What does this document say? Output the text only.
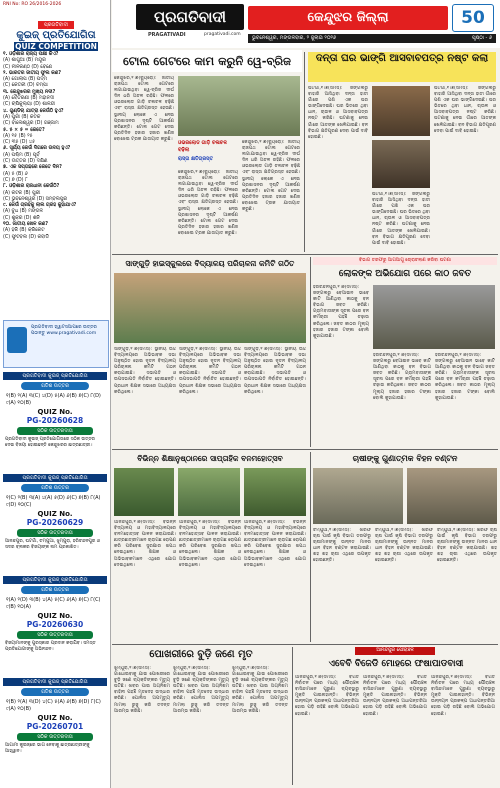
RNI No: RO 26/2016-2026
ପ୍ରଗତିବାଦୀ
କୁଇଜ୍ ପ୍ରତିଯୋଗିତା
QUIZ COMPETITION
୧. ଓଡ଼ିଶାର ରାଜ୍ୟ ପକ୍ଷୀ କିଏ?
(A) ଶାଗୁଆ (B) ମୟୂର
(C) ନୀଳକଣ୍ଠ (D) ବେଣେ
୨. ଭାରତର ଜାତୀୟ ଫୁଲ କଣ?
(A) ଗୋଲାପ (B) ପଦ୍ମ
(C) କେତକୀ (D) ଚମ୍ପା
୩. କେନ୍ଦୁଝରର ମୁଖ୍ୟ ନଦୀ?
(A) ବୈତରଣୀ (B) ମହାନଦୀ
(C) ଋଷିକୁଲ୍ୟା (D) ଶାଳନ୍ଦୀ
୪. ଗୁଣ୍ଡିଚା ଯାତ୍ରା କେଉଁଠି ହୁଏ?
(A) ପୁରୀ (B) କଟକ
(C) ବାଲେଶ୍ୱର (D) ଗଞ୍ଜାମ
୫. ୫ × ୫ = କେତେ?
(A) ୧୫ (B) ୨୫
(C) ୩୫ (D) ୪୫
୬. ସୂର୍ଯ୍ୟ କେଉଁ ଦିଗରେ ଉଦୟ ହୁଏ?
(A) ପଶ୍ଚିମ (B) ପୂର୍ବ
(C) ଉତ୍ତର (D) ଦକ୍ଷିଣ
୭. ଏକ ସପ୍ତାହରେ କେତେ ଦିନ?
(A) ୫ (B) ୬
(C) ୭ (D) ୮
୮. ଓଡ଼ିଶାର ରାଜଧାନୀ କେଉଁଠି?
(A) କଟକ (B) ପୁରୀ
(C) ଭୁବନେଶ୍ୱର (D) ସମ୍ବଲପୁର
୯. କେଉଁ ଗ୍ରହକୁ ଲାଲ ଗ୍ରହ କୁହାଯାଏ?
(A) ବୁଧ (B) ମଙ୍ଗଳ
(C) ଶୁକ୍ର (D) ଶନି
୧୦. ଜାତୀୟ ଖେଳ କଣ?
(A) ହକି (B) କ୍ରିକେଟ
(C) ଫୁଟବଲ (D) କବାଡି
ପ୍ରଗତିବାଦୀ ହ୍ୱାଟସଆପରେ ଉତ୍ତର ପଠାନ୍ତୁ www.pragativadi.com
ପ୍ରଗତିବାଦୀ କୁଇଜ୍ ପ୍ରତିଯୋଗିତା
ଗତିଶ ଉତ୍ତର
୧(B) ୨(A) ୩(C) ୪(D) ୫(A) ୬(B) ୭(C) ୮(D) ୯(A) ୧୦(B)
QUIZ No.
PG-20260628
ସଠିକ ଉତ୍ତରଦାତା
ପ୍ରଗତିବାଦୀ କୁଇଜ୍ ପ୍ରତିଯୋଗିତାରେ ସଠିକ ଉତ୍ତର ଦେଇ ବିଜୟୀ ହୋଇଛନ୍ତି କେନ୍ଦୁଝରର ଛାତ୍ରଛାତ୍ରୀ।
ପ୍ରଗତିବାଦୀ କୁଇଜ୍ ପ୍ରତିଯୋଗିତା
ଗତିଶ ଉତ୍ତର
୧(C) ୨(B) ୩(A) ୪(A) ୫(D) ୬(C) ୭(B) ୮(A) ୯(D) ୧୦(C)
QUIZ No.
PG-20260629
ସଠିକ ଉତ୍ତରଦାତା
ଆନନ୍ଦପୁର, ଘଟଗାଁ, ଚମ୍ପୁଆ, ଝୁମ୍ପୁରା, ହରିଚନ୍ଦନପୁର ଓ ସଦର ବ୍ଲକର ବିଜୟୀଙ୍କ ନାମ ପ୍ରକାଶିତ।
ପ୍ରଗତିବାଦୀ କୁଇଜ୍ ପ୍ରତିଯୋଗିତା
ଗତିଶ ଉତ୍ତର
୧(A) ୨(D) ୩(B) ୪(A) ୫(C) ୬(A) ୭(C) ୮(C) ୯(B) ୧୦(A)
QUIZ No.
PG-20260630
ସଠିକ ଉତ୍ତରଦାତା
ବିଜୟୀମାନଙ୍କୁ ପୁରସ୍କାର ପ୍ରଦାନ କରାଯିବ। ସମସ୍ତ ପ୍ରତିଯୋଗୀଙ୍କୁ ଅଭିନନ୍ଦନ।
ପ୍ରଗତିବାଦୀ କୁଇଜ୍ ପ୍ରତିଯୋଗିତା
ଗତିଶ ଉତ୍ତର
୧(B) ୨(A) ୩(D) ୪(C) ୫(A) ୬(B) ୭(D) ୮(C) ୯(A) ୧୦(B)
QUIZ No.
PG-20260701
ସଠିକ ଉତ୍ତରଦାତା
ଆଗାମୀ କୁଇଜ୍‌ରେ ଭାଗ ନେବାକୁ ଛାତ୍ରଛାତ୍ରୀଙ୍କୁ ଆହ୍ୱାନ।
ପ୍ରଗତିବାଦୀ
PRAGATIVADI	pragativadi.com
କେନ୍ଦୁଝର ଜିଲ୍ଲା	50
ଭୁବନେଶ୍ୱର, ମଙ୍ଗଳବାର, ୨ ଜୁଲାଇ ୨୦୨୬	ପୃଷ୍ଠା - ୬
ଟୋଲ ଗେଟରେ କାମ କରୁନି ୱେ-ବ୍ରିଜ
କେନ୍ଦୁଝର,୧।୭(ବ୍ୟୁରୋ): ଜାତୀୟ ରାଜପଥ ଟୋଲ ଗେଟରେ ଲଗାଯାଇଥିବା ୱେ-ବ୍ରିଜ ଦୀର୍ଘ ଦିନ ଧରି ଅଚଳ ରହିଛି। ଫଳରେ ଓଭରଲୋଡ ଗାଡ଼ି ଚଳାଚଳ ବଢ଼ିଛି ଏବଂ ରାସ୍ତା କ୍ଷତିଗ୍ରସ୍ତ ହେଉଛି। ସ୍ଥାନୀୟ ଲୋକେ ଏ ନେଇ ପ୍ରଶାସନର ଦୃଷ୍ଟି ଆକର୍ଷଣ କରିଛନ୍ତି। ଟୋଲ ଗେଟ ଦେଇ ପ୍ରତିଦିନ ହଜାର ହଜାର ଖଣିଜ ବୋଝେଇ ଟ୍ରକ ଯାତାୟାତ କରୁଛି।
ଓଭରଲୋଡ ଗାଡ଼ି ଚଳାଚଳ ବଢ଼ିଲା
ରାସ୍ତା କ୍ଷତିଗ୍ରସ୍ତ
କେନ୍ଦୁଝର,୧।୭(ବ୍ୟୁରୋ): ଜାତୀୟ ରାଜପଥ ଟୋଲ ଗେଟରେ ଲଗାଯାଇଥିବା ୱେ-ବ୍ରିଜ ଦୀର୍ଘ ଦିନ ଧରି ଅଚଳ ରହିଛି। ଫଳରେ ଓଭରଲୋଡ ଗାଡ଼ି ଚଳାଚଳ ବଢ଼ିଛି ଏବଂ ରାସ୍ତା କ୍ଷତିଗ୍ରସ୍ତ ହେଉଛି। ସ୍ଥାନୀୟ ଲୋକେ ଏ ନେଇ ପ୍ରଶାସନର ଦୃଷ୍ଟି ଆକର୍ଷଣ କରିଛନ୍ତି। ଟୋଲ ଗେଟ ଦେଇ ପ୍ରତିଦିନ ହଜାର ହଜାର ଖଣିଜ ବୋଝେଇ ଟ୍ରକ ଯାତାୟାତ କରୁଛି।
କେନ୍ଦୁଝର,୧।୭(ବ୍ୟୁରୋ): ଜାତୀୟ ରାଜପଥ ଟୋଲ ଗେଟରେ ଲଗାଯାଇଥିବା ୱେ-ବ୍ରିଜ ଦୀର୍ଘ ଦିନ ଧରି ଅଚଳ ରହିଛି। ଫଳରେ ଓଭରଲୋଡ ଗାଡ଼ି ଚଳାଚଳ ବଢ଼ିଛି ଏବଂ ରାସ୍ତା କ୍ଷତିଗ୍ରସ୍ତ ହେଉଛି। ସ୍ଥାନୀୟ ଲୋକେ ଏ ନେଇ ପ୍ରଶାସନର ଦୃଷ୍ଟି ଆକର୍ଷଣ କରିଛନ୍ତି। ଟୋଲ ଗେଟ ଦେଇ ପ୍ରତିଦିନ ହଜାର ହଜାର ଖଣିଜ ବୋଝେଇ ଟ୍ରକ ଯାତାୟାତ କରୁଛି।
ଦନ୍ତା ଘର ଭାଙ୍ଗି ଆସବାବପତ୍ର ନଷ୍ଟ କଲା
ଘଟଗାଁ,୧।୭(ସମିସ): ଜଙ୍ଗଲରୁ ବାହାରି ଆସିଥିବା ଦନ୍ତା ହାତୀ ଗାଁରେ ପଶି ଏକ ଘର ଭାଙ୍ଗିଦେଇଛି। ଘର ଭିତରେ ଥିବା ଧାନ, ଚାଉଳ ଓ ଆସବାବପତ୍ର ନଷ୍ଟ କରିଛି। ଘଟଣାକୁ ନେଇ ଗାଁରେ ଆତଙ୍କ ଖେଳିଯାଇଛି। ବନ ବିଭାଗ କ୍ଷତିପୂରଣ ଦେବା ପାଇଁ ଦାବି ହୋଇଛି।
ଘଟଗାଁ,୧।୭(ସମିସ): ଜଙ୍ଗଲରୁ ବାହାରି ଆସିଥିବା ଦନ୍ତା ହାତୀ ଗାଁରେ ପଶି ଏକ ଘର ଭାଙ୍ଗିଦେଇଛି। ଘର ଭିତରେ ଥିବା ଧାନ, ଚାଉଳ ଓ ଆସବାବପତ୍ର ନଷ୍ଟ କରିଛି। ଘଟଣାକୁ ନେଇ ଗାଁରେ ଆତଙ୍କ ଖେଳିଯାଇଛି। ବନ ବିଭାଗ କ୍ଷତିପୂରଣ ଦେବା ପାଇଁ ଦାବି ହୋଇଛି।
ଘଟଗାଁ,୧।୭(ସମିସ): ଜଙ୍ଗଲରୁ ବାହାରି ଆସିଥିବା ଦନ୍ତା ହାତୀ ଗାଁରେ ପଶି ଏକ ଘର ଭାଙ୍ଗିଦେଇଛି। ଘର ଭିତରେ ଥିବା ଧାନ, ଚାଉଳ ଓ ଆସବାବପତ୍ର ନଷ୍ଟ କରିଛି। ଘଟଣାକୁ ନେଇ ଗାଁରେ ଆତଙ୍କ ଖେଳିଯାଇଛି। ବନ ବିଭାଗ କ୍ଷତିପୂରଣ ଦେବା ପାଇଁ ଦାବି ହୋଇଛି।
ସାଙ୍ଗୁଡ଼ି ହାଇସ୍କୁଲରେ ବିଦ୍ୟାଳୟ ପରିଚାଳନା କମିଟି ଗଠିତ
ସାଙ୍ଗୁଡ଼ି,୧।୭(ସମିସ): ସ୍ଥାନୀୟ ଉଚ୍ଚ ବିଦ୍ୟାଳୟରେ ଅଭିଭାବକ ସଭା ଅନୁଷ୍ଠିତ ହୋଇ ନୂତନ ବିଦ୍ୟାଳୟ ପରିଚାଳନା କମିଟି ଗଠନ କରାଯାଇଛି। ସଭାପତି ଓ ଉପସଭାପତି ନିର୍ବାଚିତ ହୋଇଛନ୍ତି। ପ୍ରଧାନ ଶିକ୍ଷକ ସଭାରେ ଅଧ୍ୟକ୍ଷତା କରିଥିଲେ।
ସାଙ୍ଗୁଡ଼ି,୧।୭(ସମିସ): ସ୍ଥାନୀୟ ଉଚ୍ଚ ବିଦ୍ୟାଳୟରେ ଅଭିଭାବକ ସଭା ଅନୁଷ୍ଠିତ ହୋଇ ନୂତନ ବିଦ୍ୟାଳୟ ପରିଚାଳନା କମିଟି ଗଠନ କରାଯାଇଛି। ସଭାପତି ଓ ଉପସଭାପତି ନିର୍ବାଚିତ ହୋଇଛନ୍ତି। ପ୍ରଧାନ ଶିକ୍ଷକ ସଭାରେ ଅଧ୍ୟକ୍ଷତା କରିଥିଲେ।
ସାଙ୍ଗୁଡ଼ି,୧।୭(ସମିସ): ସ୍ଥାନୀୟ ଉଚ୍ଚ ବିଦ୍ୟାଳୟରେ ଅଭିଭାବକ ସଭା ଅନୁଷ୍ଠିତ ହୋଇ ନୂତନ ବିଦ୍ୟାଳୟ ପରିଚାଳନା କମିଟି ଗଠନ କରାଯାଇଛି। ସଭାପତି ଓ ଉପସଭାପତି ନିର୍ବାଚିତ ହୋଇଛନ୍ତି। ପ୍ରଧାନ ଶିକ୍ଷକ ସଭାରେ ଅଧ୍ୟକ୍ଷତା କରିଥିଲେ।
ବିଭାଗ ତରଫରୁ ଆଗଆଗୁ ଚୋରାଚଲାଣ କରିବା ଘଟଣା
ଲୋକଙ୍କ ଅଭିଯୋଗ ପରେ କାଠ ଜବତ
ହରିଚନ୍ଦନପୁର,୧।୭(ସମିସ): ଜଙ୍ଗଲରୁ ବେଆଇନ ଭାବେ କାଟି ଆଣିଥିବା କାଠକୁ ବନ ବିଭାଗ ଜବତ କରିଛି। ଗ୍ରାମବାସୀଙ୍କ ସୂଚନା ପରେ ବନ କର୍ମଚାରୀ ପହଞ୍ଚି ଚଢ଼ାଉ କରିଥିଲେ। ଜବତ କାଠର ମୂଲ୍ୟ ହଜାର ହଜାର ଟଙ୍କା ବୋଲି କୁହାଯାଉଛି।
ହରିଚନ୍ଦନପୁର,୧।୭(ସମିସ): ଜଙ୍ଗଲରୁ ବେଆଇନ ଭାବେ କାଟି ଆଣିଥିବା କାଠକୁ ବନ ବିଭାଗ ଜବତ କରିଛି। ଗ୍ରାମବାସୀଙ୍କ ସୂଚନା ପରେ ବନ କର୍ମଚାରୀ ପହଞ୍ଚି ଚଢ଼ାଉ କରିଥିଲେ। ଜବତ କାଠର ମୂଲ୍ୟ ହଜାର ହଜାର ଟଙ୍କା ବୋଲି କୁହାଯାଉଛି।
ହରିଚନ୍ଦନପୁର,୧।୭(ସମିସ): ଜଙ୍ଗଲରୁ ବେଆଇନ ଭାବେ କାଟି ଆଣିଥିବା କାଠକୁ ବନ ବିଭାଗ ଜବତ କରିଛି। ଗ୍ରାମବାସୀଙ୍କ ସୂଚନା ପରେ ବନ କର୍ମଚାରୀ ପହଞ୍ଚି ଚଢ଼ାଉ କରିଥିଲେ। ଜବତ କାଠର ମୂଲ୍ୟ ହଜାର ହଜାର ଟଙ୍କା ବୋଲି କୁହାଯାଉଛି।
ବିଭିନ୍ନ ଶିକ୍ଷାନୁଷ୍ଠାନରେ ସାପ୍ତାହିକ ବନମହୋତ୍ସବ
ଆନନ୍ଦପୁର,୧।୭(ସମିସ): ବିଭିନ୍ନ ବିଦ୍ୟାଳୟ ଓ ମହାବିଦ୍ୟାଳୟରେ ବନମହୋତ୍ସବ ପାଳନ କରାଯାଇଛି। ଛାତ୍ରଛାତ୍ରୀମାନେ ଚାରାଗଛ ରୋପଣ କରି ପରିବେଶ ସୁରକ୍ଷାର ଶପଥ ନେଇଥିଲେ। ଶିକ୍ଷକ ଓ ଅଭିଭାବକମାନେ ଏଥିରେ ଯୋଗ ଦେଇଥିଲେ।
ଆନନ୍ଦପୁର,୧।୭(ସମିସ): ବିଭିନ୍ନ ବିଦ୍ୟାଳୟ ଓ ମହାବିଦ୍ୟାଳୟରେ ବନମହୋତ୍ସବ ପାଳନ କରାଯାଇଛି। ଛାତ୍ରଛାତ୍ରୀମାନେ ଚାରାଗଛ ରୋପଣ କରି ପରିବେଶ ସୁରକ୍ଷାର ଶପଥ ନେଇଥିଲେ। ଶିକ୍ଷକ ଓ ଅଭିଭାବକମାନେ ଏଥିରେ ଯୋଗ ଦେଇଥିଲେ।
ଆନନ୍ଦପୁର,୧।୭(ସମିସ): ବିଭିନ୍ନ ବିଦ୍ୟାଳୟ ଓ ମହାବିଦ୍ୟାଳୟରେ ବନମହୋତ୍ସବ ପାଳନ କରାଯାଇଛି। ଛାତ୍ରଛାତ୍ରୀମାନେ ଚାରାଗଛ ରୋପଣ କରି ପରିବେଶ ସୁରକ୍ଷାର ଶପଥ ନେଇଥିଲେ। ଶିକ୍ଷକ ଓ ଅଭିଭାବକମାନେ ଏଥିରେ ଯୋଗ ଦେଇଥିଲେ।
ଚାଷୀଙ୍କୁ ଗୁଣାତ୍ମକ ବିହନ ବଣ୍ଟନ
ଚମ୍ପୁଆ,୧।୭(ସମିସ): ଖରିଫ ଚାଷ ପାଇଁ କୃଷି ବିଭାଗ ତରଫରୁ ଚାଷୀମାନଙ୍କୁ ଉନ୍ନତ ମାନର ଧାନ ବିହନ ବଣ୍ଟନ କରାଯାଇଛି। ଶହ ଶହ ଚାଷୀ ଏଥିରେ ଉପକୃତ ହୋଇଛନ୍ତି।
ଚମ୍ପୁଆ,୧।୭(ସମିସ): ଖରିଫ ଚାଷ ପାଇଁ କୃଷି ବିଭାଗ ତରଫରୁ ଚାଷୀମାନଙ୍କୁ ଉନ୍ନତ ମାନର ଧାନ ବିହନ ବଣ୍ଟନ କରାଯାଇଛି। ଶହ ଶହ ଚାଷୀ ଏଥିରେ ଉପକୃତ ହୋଇଛନ୍ତି।
ଚମ୍ପୁଆ,୧।୭(ସମିସ): ଖରିଫ ଚାଷ ପାଇଁ କୃଷି ବିଭାଗ ତରଫରୁ ଚାଷୀମାନଙ୍କୁ ଉନ୍ନତ ମାନର ଧାନ ବିହନ ବଣ୍ଟନ କରାଯାଇଛି। ଶହ ଶହ ଚାଷୀ ଏଥିରେ ଉପକୃତ ହୋଇଛନ୍ତି।
ପୋଖରୀରେ ବୁଡ଼ି ଜଣେ ମୃତ
ଝୁମ୍ପୁରା,୧।୭(ସମିସ): ଗାଧୋଇବାକୁ ଯାଇ ପୋଖରୀରେ ବୁଡ଼ି ଜଣେ ବ୍ୟକ୍ତିଙ୍କର ମୃତ୍ୟୁ ଘଟିଛି। ଖବର ପାଇ ଅଗ୍ନିଶମ ବାହିନୀ ପହଞ୍ଚି ମୃତଦେହ ଉଦ୍ଧାର କରିଛି। ପୋଲିସ ଅପମୃତ୍ୟୁ ମାମଲା ରୁଜୁ କରି ତଦନ୍ତ ଆରମ୍ଭ କରିଛି।
ଝୁମ୍ପୁରା,୧।୭(ସମିସ): ଗାଧୋଇବାକୁ ଯାଇ ପୋଖରୀରେ ବୁଡ଼ି ଜଣେ ବ୍ୟକ୍ତିଙ୍କର ମୃତ୍ୟୁ ଘଟିଛି। ଖବର ପାଇ ଅଗ୍ନିଶମ ବାହିନୀ ପହଞ୍ଚି ମୃତଦେହ ଉଦ୍ଧାର କରିଛି। ପୋଲିସ ଅପମୃତ୍ୟୁ ମାମଲା ରୁଜୁ କରି ତଦନ୍ତ ଆରମ୍ଭ କରିଛି।
ଝୁମ୍ପୁରା,୧।୭(ସମିସ): ଗାଧୋଇବାକୁ ଯାଇ ପୋଖରୀରେ ବୁଡ଼ି ଜଣେ ବ୍ୟକ୍ତିଙ୍କର ମୃତ୍ୟୁ ଘଟିଛି। ଖବର ପାଇ ଅଗ୍ନିଶମ ବାହିନୀ ପହଞ୍ଚି ମୃତଦେହ ଉଦ୍ଧାର କରିଛି। ପୋଲିସ ଅପମୃତ୍ୟୁ ମାମଲା ରୁଜୁ କରି ତଦନ୍ତ ଆରମ୍ଭ କରିଛି।
ଆନନ୍ଦପୁର ପୌରାଞ୍ଚଳ
ଏବେବି ବିଜେଡି ମୋହରେ ଫଷାପାଡବାସୀ
ଆନନ୍ଦପୁର,୧।୭(ସମିସ): ବିଗତ ନିର୍ବାଚନ ପରେ ମଧ୍ୟ ପୌରାଞ୍ଚଳ ବାସିନ୍ଦାମାନେ ପୁରୁଣା ବ୍ୟବସ୍ଥାରୁ ମୁକ୍ତି ପାଇନାହାନ୍ତି। ବିଭିନ୍ନ ଉନ୍ନୟନ ପ୍ରକଳ୍ପ ଅଧାପନ୍ତରିଆ ହୋଇ ପଡ଼ି ରହିଛି ବୋଲି ଅଭିଯୋଗ ହୋଇଛି।
ଆନନ୍ଦପୁର,୧।୭(ସମିସ): ବିଗତ ନିର୍ବାଚନ ପରେ ମଧ୍ୟ ପୌରାଞ୍ଚଳ ବାସିନ୍ଦାମାନେ ପୁରୁଣା ବ୍ୟବସ୍ଥାରୁ ମୁକ୍ତି ପାଇନାହାନ୍ତି। ବିଭିନ୍ନ ଉନ୍ନୟନ ପ୍ରକଳ୍ପ ଅଧାପନ୍ତରିଆ ହୋଇ ପଡ଼ି ରହିଛି ବୋଲି ଅଭିଯୋଗ ହୋଇଛି।
ଆନନ୍ଦପୁର,୧।୭(ସମିସ): ବିଗତ ନିର୍ବାଚନ ପରେ ମଧ୍ୟ ପୌରାଞ୍ଚଳ ବାସିନ୍ଦାମାନେ ପୁରୁଣା ବ୍ୟବସ୍ଥାରୁ ମୁକ୍ତି ପାଇନାହାନ୍ତି। ବିଭିନ୍ନ ଉନ୍ନୟନ ପ୍ରକଳ୍ପ ଅଧାପନ୍ତରିଆ ହୋଇ ପଡ଼ି ରହିଛି ବୋଲି ଅଭିଯୋଗ ହୋଇଛି।
